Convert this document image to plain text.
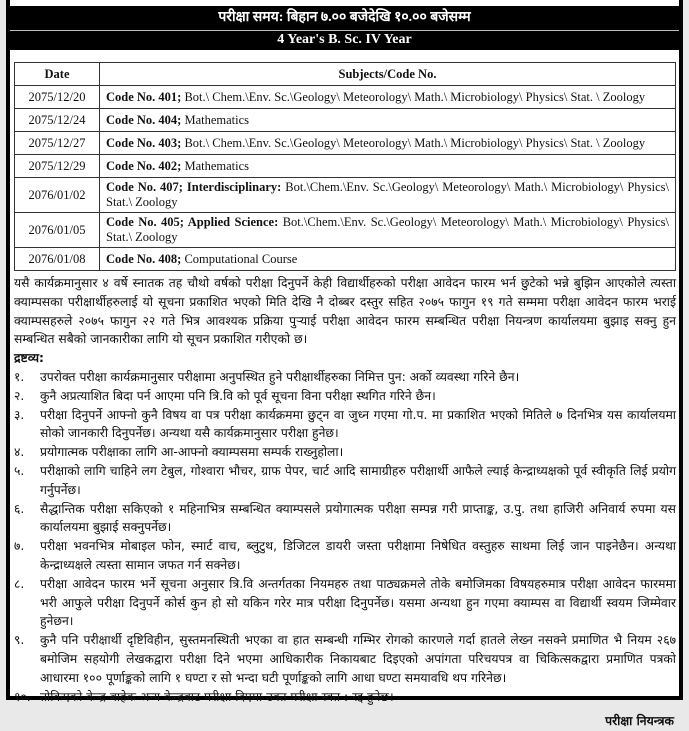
परीक्षा समय: बिहान ७.०० बजेदेखि १०.०० बजेसम्म
4 Year's B. Sc. IV Year
Date	Subjects/Code No.
2075/12/20	Code No. 401; Bot.\ Chem.\Env. Sc.\Geology\ Meteorology\ Math.\ Microbiology\ Physics\ Stat. \ Zoology
2075/12/24	Code No. 404; Mathematics
2075/12/27	Code No. 403; Bot.\ Chem.\Env. Sc.\Geology\ Meteorology\ Math.\ Microbiology\ Physics\ Stat. \ Zoology
2075/12/29	Code No. 402; Mathematics
2076/01/02	Code No. 407; Interdisciplinary: Bot.\Chem.\Env. Sc.\Geology\ Meteorology\ Math.\ Microbiology\ Physics\ Stat.\ Zoology
2076/01/05	Code No. 405; Applied Science: Bot.\Chem.\Env. Sc.\Geology\ Meteorology\ Math.\ Microbiology\ Physics\ Stat.\ Zoology
2076/01/08	Code No. 408; Computational Course

यसै कार्यक्रमानुसार ४ वर्षे स्नातक तह चौथो वर्षको परीक्षा दिनुपर्ने केही विद्यार्थीहरुको परीक्षा आवेदन फारम भर्न छुटेको भन्ने बुझिन आएकोले त्यस्ता क्याम्पसका परीक्षार्थीहरुलाई यो सूचना प्रकाशित भएको मिति देखि नै दोब्बर दस्तुर सहित २०७५ फागुन १९ गते सम्ममा परीक्षा आवेदन फारम भराई क्याम्पसहरुले २०७५ फागुन २२ गते भित्र आवश्यक प्रक्रिया पुऱ्याई परीक्षा आवेदन फारम सम्बन्धित परीक्षा नियन्त्रण कार्यालयमा बुझाइ सक्नु हुन सम्बन्धित सबैको जानकारीका लागि यो सूचन प्रकाशित गरीएको छ।

द्रष्टव्य:

१.	उपरोक्त परीक्षा कार्यक्रमानुसार परीक्षामा अनुपस्थित हुने परीक्षार्थीहरुका निमित्त पुन: अर्को व्यवस्था गरिने छैन।
२.	कुनै अप्रत्याशित बिदा पर्न आएमा पनि त्रि.वि को पूर्व सूचना विना परीक्षा स्थगित गरिने छैन।
३.	परीक्षा दिनुपर्ने आफ्नो कुनै विषय वा पत्र परीक्षा कार्यक्रममा छुट्न वा जुध्न गएमा गो.प. मा प्रकाशित भएको मितिले ७ दिनभित्र यस कार्यालयमा सोको जानकारी दिनुपर्नेछ। अन्यथा यसै कार्यक्रमानुसार परीक्षा हुनेछ।
४.	प्रयोगात्मक परीक्षाका लागि आ-आफ्नो क्याम्पसमा सम्पर्क राख्नुहोला।
५.	परीक्षाको लागि चाहिने लग टेबुल, गोश्वारा भौचर, ग्राफ पेपर, चार्ट आदि सामाग्रीहरु परीक्षार्थी आफैले ल्याई केन्द्राध्यक्षको पूर्व स्वीकृति लिई प्रयोग गर्नुपर्नेछ।
६.	सैद्धान्तिक परीक्षा सकिएको १ महिनाभित्र सम्बन्धित क्याम्पसले प्रयोगात्मक परीक्षा सम्पन्न गरी प्राप्ताङ्क, उ.पु. तथा हाजिरी अनिवार्य रुपमा यस कार्यालयमा बुझाई सक्नुपर्नेछ।
७.	परीक्षा भवनभित्र मोबाइल फोन, स्मार्ट वाच, ब्लुटुथ, डिजिटल डायरी जस्ता परीक्षामा निषेधित वस्तुहरु साथमा लिई जान पाइनेछैन। अन्यथा केन्द्राध्यक्षले त्यस्ता सामान जफत गर्न सक्नेछ।
८.	परीक्षा आवेदन फारम भर्ने सूचना अनुसार त्रि.वि अन्तर्गतका नियमहरु तथा पाठ्यक्रमले तोके बमोजिमका विषयहरुमात्र परीक्षा आवेदन फारममा भरी आफुले परीक्षा दिनुपर्ने कोर्स कुन हो सो यकिन गरेर मात्र परीक्षा दिनुपर्नेछ। यसमा अन्यथा हुन गएमा क्याम्पस वा विद्यार्थी स्वयम जिम्मेवार हुनेछन।
९.	कुनै पनि परीक्षार्थी दृष्टिविहीन, सुस्तमनस्थिती भएका वा हात सम्बन्धी गम्भिर रोगको कारणले गर्दा हातले लेख्न नसक्ने प्रमाणित भै नियम २६७ बमोजिम सहयोगी लेखकद्वारा परीक्षा दिने भएमा आधिकारीक निकायबाट दिइएको अपांगता परिचयपत्र वा चिकित्सकद्वारा प्रमाणित पत्रको आधारमा १०० पूर्णाङ्कको लागि १ घण्टा र सो भन्दा घटी पूर्णाङ्कको लागि आधा घण्टा समयावधि थप गरिनेछ।
१०. तोकिएको केन्द्र बाहेक अन्य केन्द्रबाट परीक्षा दिएमा उक्त परीक्षा स्वत : रद्द हुनेछ।
परीक्षा नियन्त्रक
